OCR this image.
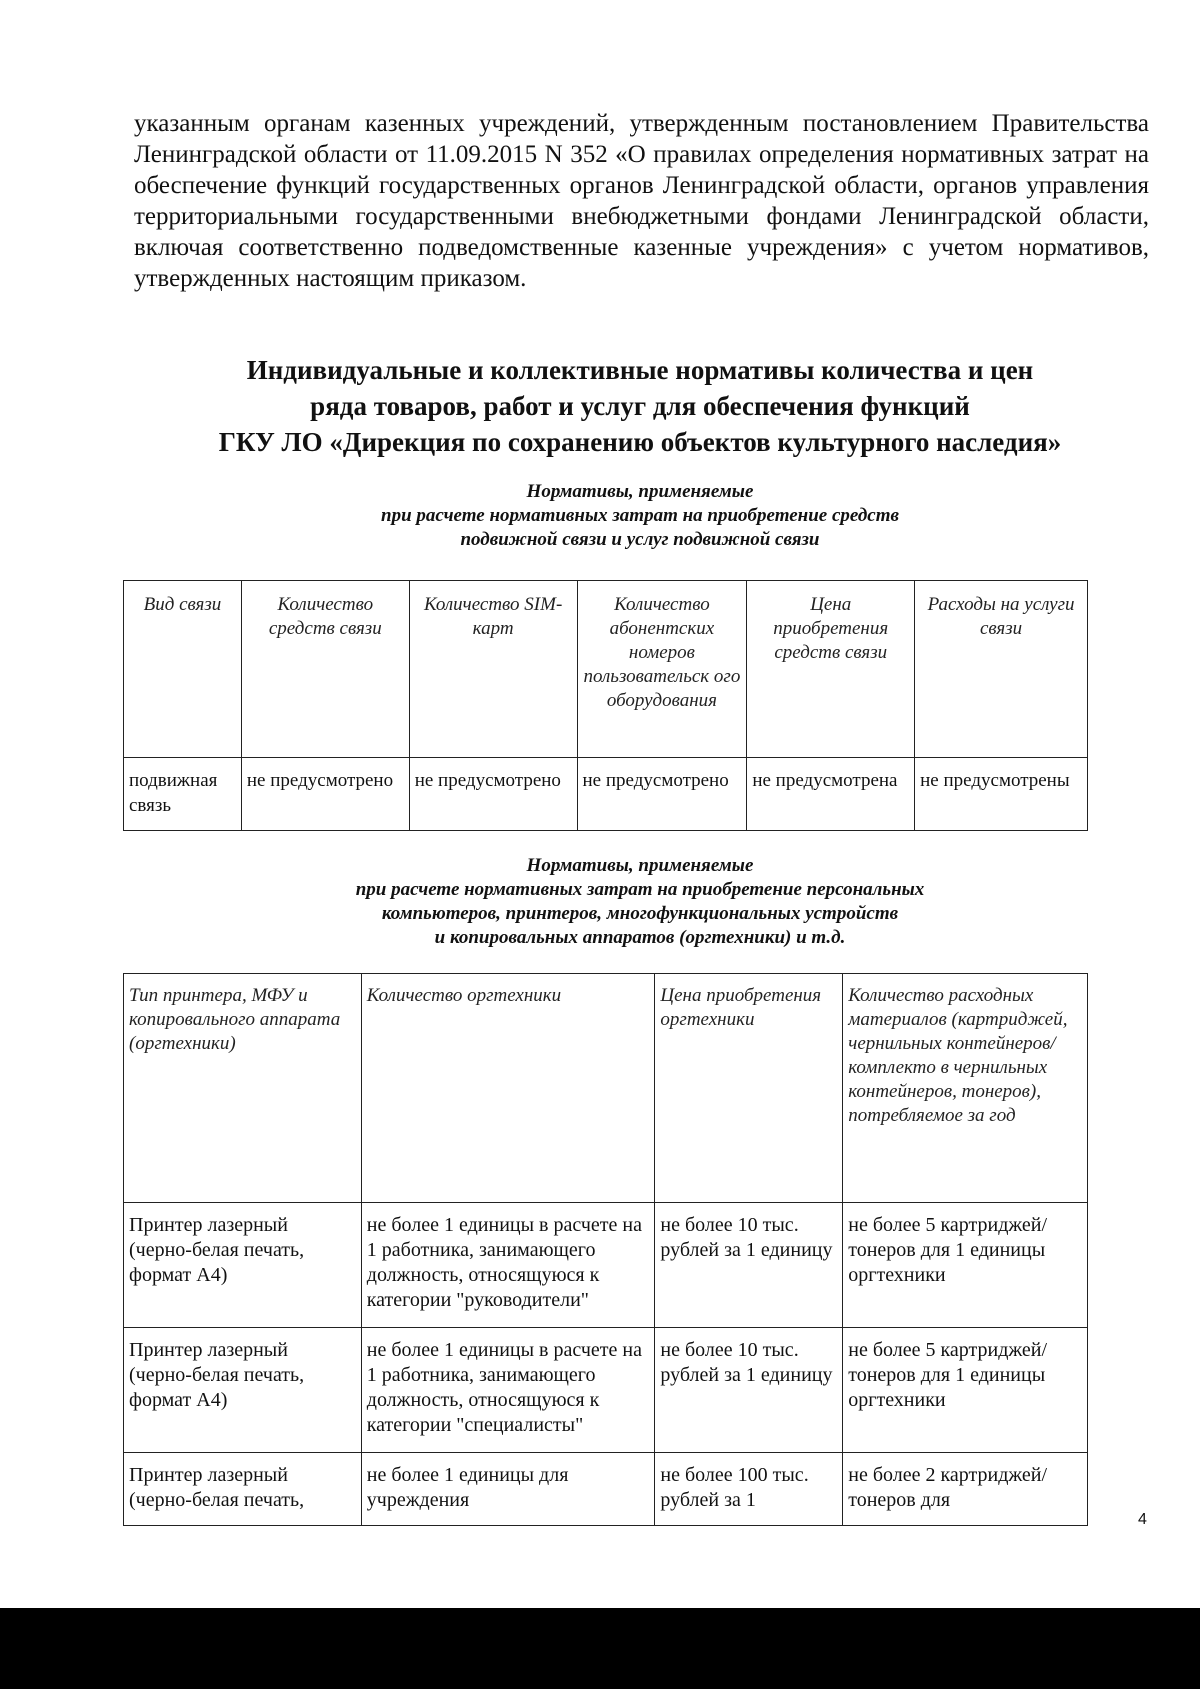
указанным органам казенных учреждений, утвержденным постановлением Правительства Ленинградской области от 11.09.2015 N 352 «О правилах определения нормативных затрат на обеспечение функций государственных органов Ленинградской области, органов управления территориальными государственными внебюджетными фондами Ленинградской области, включая соответственно подведомственные казенные учреждения» с учетом нормативов, утвержденных настоящим приказом.

Индивидуальные и коллективные нормативы количества и цен
ряда товаров, работ и услуг для обеспечения функций
ГКУ ЛО «Дирекция по сохранению объектов культурного наследия»
Нормативы, применяемые
при расчете нормативных затрат на приобретение средств
подвижной связи и услуг подвижной связи
Вид связи	Количество средств связи	Количество SIM-карт	Количество абонентских номеров пользовательск ого оборудования	Цена приобретения средств связи	Расходы на услуги связи
подвижная связь	не предусмотрено	не предусмотрено	не предусмотрено	не предусмотрена	не предусмотрены
Нормативы, применяемые
при расчете нормативных затрат на приобретение персональных
компьютеров, принтеров, многофункциональных устройств
и копировальных аппаратов (оргтехники) и т.д.
Тип принтера, МФУ и копировального аппарата (оргтехники)	Количество оргтехники	Цена приобретения оргтехники	Количество расходных материалов (картриджей, чернильных контейнеров/комплекто в чернильных контейнеров, тонеров), потребляемое за год
Принтер лазерный (черно-белая печать, формат А4)	не более 1 единицы в расчете на 1 работника, занимающего должность, относящуюся к категории "руководители"	не более 10 тыс. рублей за 1 единицу	не более 5 картриджей/тонеров для 1 единицы оргтехники
Принтер лазерный (черно-белая печать, формат А4)	не более 1 единицы в расчете на 1 работника, занимающего должность, относящуюся к категории "специалисты"	не более 10 тыс. рублей за 1 единицу	не более 5 картриджей/тонеров для 1 единицы оргтехники
Принтер лазерный (черно-белая печать,	не более 1 единицы для учреждения	не более 100 тыс. рублей за 1	не более 2 картриджей/тонеров для
4
